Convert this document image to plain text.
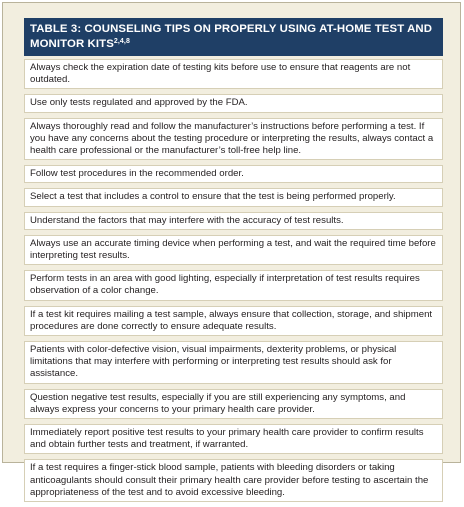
TABLE 3: COUNSELING TIPS ON PROPERLY USING AT-HOME TEST AND
MONITOR KITS$^{2,4,8}$
Always check the expiration date of testing kits before use to ensure that reagents are not outdated.
Use only tests regulated and approved by the FDA.
Always thoroughly read and follow the manufacturer’s instructions before performing a test. If you have any concerns about the testing procedure or interpreting the results, always contact a health care professional or the manufacturer’s toll-free help line.
Follow test procedures in the recommended order.
Select a test that includes a control to ensure that the test is being performed properly.
Understand the factors that may interfere with the accuracy of test results.
Always use an accurate timing device when performing a test, and wait the required time before interpreting test results.
Perform tests in an area with good lighting, especially if interpretation of test results requires observation of a color change.
If a test kit requires mailing a test sample, always ensure that collection, storage, and shipment procedures are done correctly to ensure adequate results.
Patients with color-defective vision, visual impairments, dexterity problems, or physical limitations that may interfere with performing or interpreting test results should ask for assistance.
Question negative test results, especially if you are still experiencing any symptoms, and always express your concerns to your primary health care provider.
Immediately report positive test results to your primary health care provider to confirm results and obtain further tests and treatment, if warranted.
If a test requires a finger-stick blood sample, patients with bleeding disorders or taking anticoagulants should consult their primary health care provider before testing to ascertain the appropriateness of the test and to avoid excessive bleeding.
